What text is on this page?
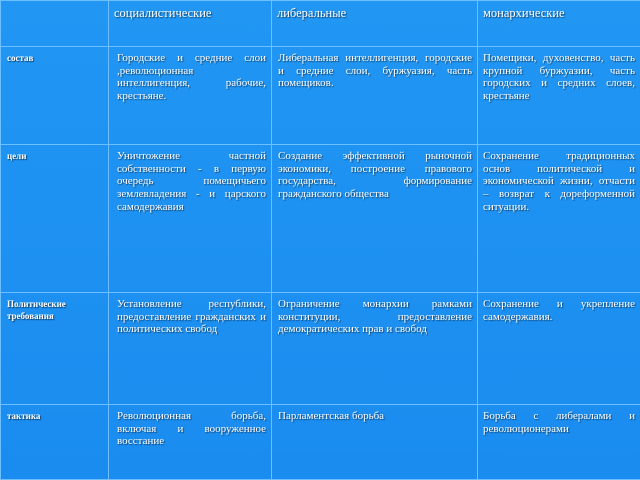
	социалистические	либеральные	монархические
состав	Городские и средние слои ,революционная интеллигенция, рабочие, крестьяне.	Либеральная интеллигенция, городские и средние слои, буржуазия, часть помещиков.	Помещики, духовенство, часть крупной буржуазии, часть городских и средних слоев, крестьяне
цели	Уничтожение частной собственности - в первую очередь помещичьего землевладения - и царского самодержавия	Создание эффективной рыночной экономики, построение правового государства, формирование гражданского общества	Сохранение традиционных основ политической и экономической жизни, отчасти – возврат к дореформенной ситуации.
Политические требования	Установление республики, предоставление гражданских и политических свобод	Ограничение монархии рамками конституции, предоставление демократических прав и свобод	Сохранение и укрепление самодержавия.
тактика	Революционная борьба, включая и вооруженное восстание	Парламентская борьба	Борьба с либералами и революционерами
